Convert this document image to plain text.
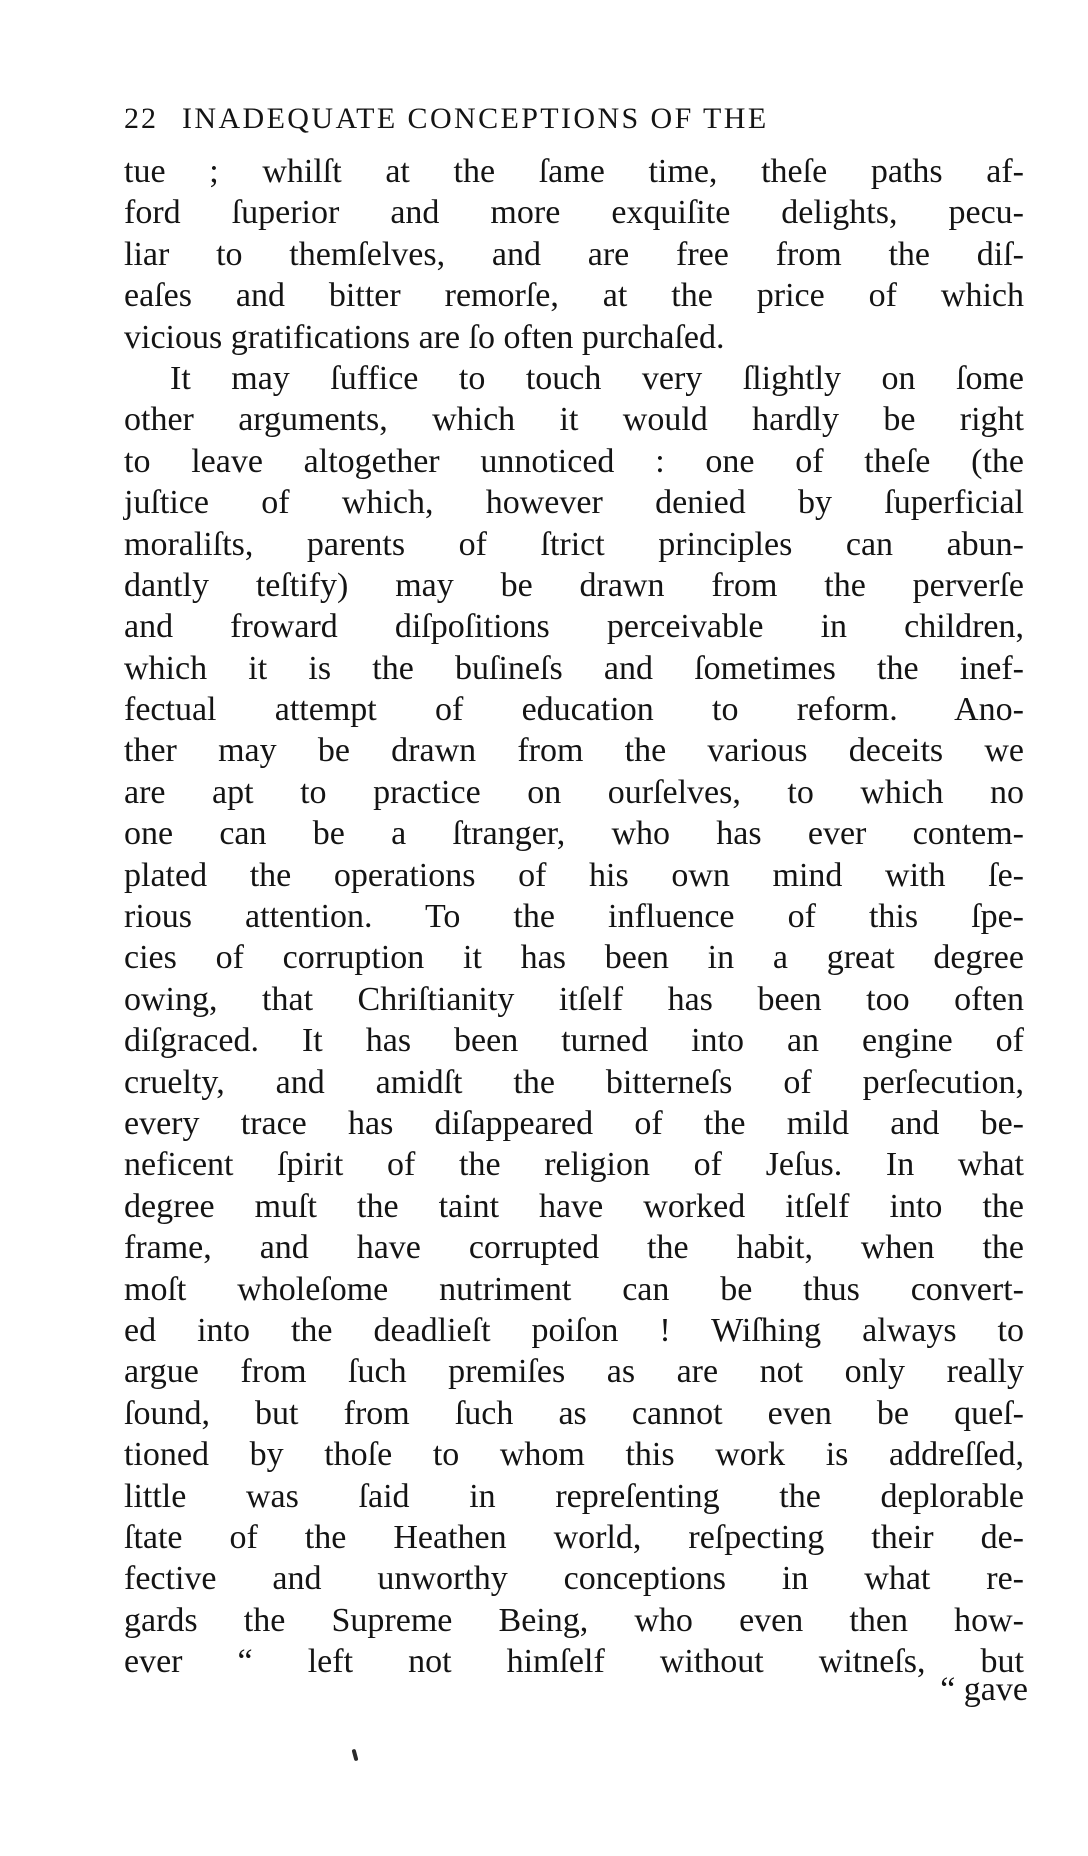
22 INADEQUATE CONCEPTIONS OF THE
tue ; whilſt at the ſame time, theſe paths af-
ford ſuperior and more exquiſite delights, pecu-
liar to themſelves, and are free from the diſ-
eaſes and bitter remorſe, at the price of which
vicious gratifications are ſo often purchaſed.
It may ſuffice to touch very ſlightly on ſome
other arguments, which it would hardly be right
to leave altogether unnoticed : one of theſe (the
juſtice of which, however denied by ſuperficial
moraliſts, parents of ſtrict principles can abun-
dantly teſtify) may be drawn from the perverſe
and froward diſpoſitions perceivable in children,
which it is the buſineſs and ſometimes the inef-
fectual attempt of education to reform. Ano-
ther may be drawn from the various deceits we
are apt to practice on ourſelves, to which no
one can be a ſtranger, who has ever contem-
plated the operations of his own mind with ſe-
rious attention. To the influence of this ſpe-
cies of corruption it has been in a great degree
owing, that Chriſtianity itſelf has been too often
diſgraced. It has been turned into an engine of
cruelty, and amidſt the bitterneſs of perſecution,
every trace has diſappeared of the mild and be-
neficent ſpirit of the religion of Jeſus. In what
degree muſt the taint have worked itſelf into the
frame, and have corrupted the habit, when the
moſt wholeſome nutriment can be thus convert-
ed into the deadlieſt poiſon ! Wiſhing always to
argue from ſuch premiſes as are not only really
ſound, but from ſuch as cannot even be queſ-
tioned by thoſe to whom this work is addreſſed,
little was ſaid in repreſenting the deplorable
ſtate of the Heathen world, reſpecting their de-
fective and unworthy conceptions in what re-
gards the Supreme Being, who even then how-
ever “ left not himſelf without witneſs, but
“ gave
